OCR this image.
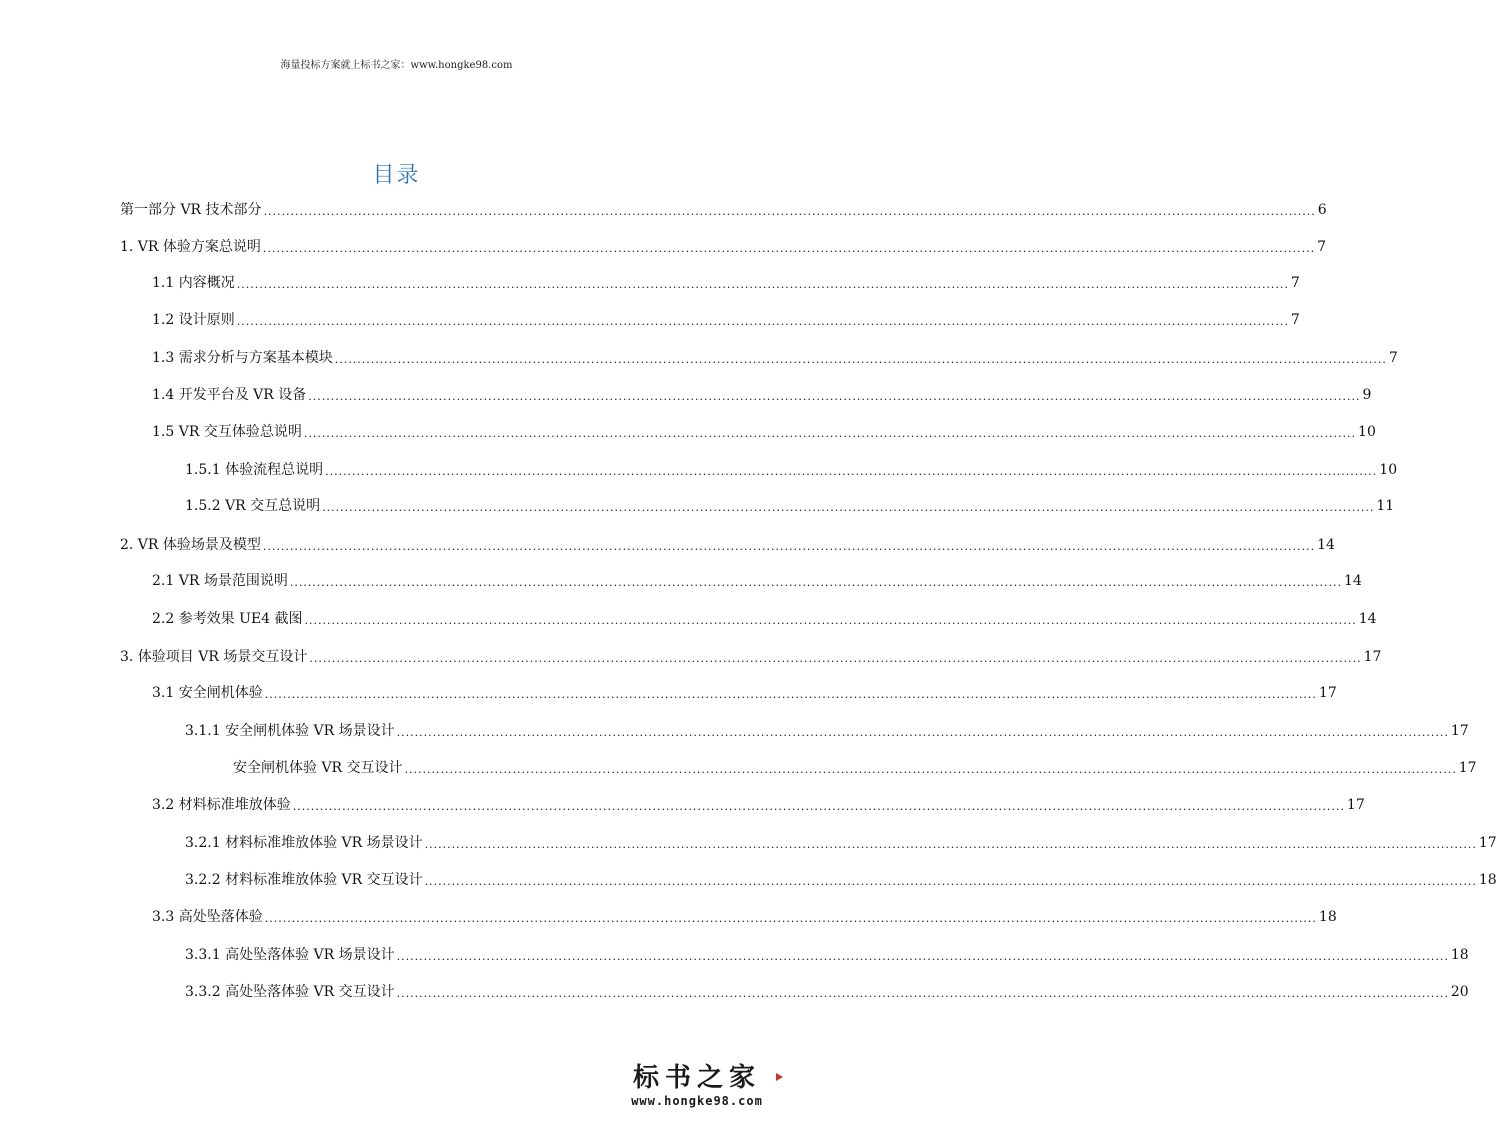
海量投标方案就上标书之家：www.hongke98.com
目录
第一部分 VR 技术部分 .......................................................................................................................................................................................................................................... 6
1. VR 体验方案总说明 .......................................................................................................................................................................................................................................... 7
1.1 内容概况 .......................................................................................................................................................................................................................................... 7
1.2 设计原则 .......................................................................................................................................................................................................................................... 7
1.3 需求分析与方案基本模块 .......................................................................................................................................................................................................................................... 7
1.4 开发平台及 VR 设备 .......................................................................................................................................................................................................................................... 9
1.5 VR 交互体验总说明 .......................................................................................................................................................................................................................................... 10
1.5.1 体验流程总说明 .......................................................................................................................................................................................................................................... 10
1.5.2 VR 交互总说明 .......................................................................................................................................................................................................................................... 11
2. VR 体验场景及模型 .......................................................................................................................................................................................................................................... 14
2.1 VR 场景范围说明 .......................................................................................................................................................................................................................................... 14
2.2 参考效果 UE4 截图 .......................................................................................................................................................................................................................................... 14
3. 体验项目 VR 场景交互设计 .......................................................................................................................................................................................................................................... 17
3.1 安全闸机体验 .......................................................................................................................................................................................................................................... 17
3.1.1 安全闸机体验 VR 场景设计 .......................................................................................................................................................................................................................................... 17
安全闸机体验 VR 交互设计 .......................................................................................................................................................................................................................................... 17
3.2 材料标准堆放体验 .......................................................................................................................................................................................................................................... 17
3.2.1 材料标准堆放体验 VR 场景设计 .......................................................................................................................................................................................................................................... 17
3.2.2 材料标准堆放体验 VR 交互设计 .......................................................................................................................................................................................................................................... 18
3.3 高处坠落体验 .......................................................................................................................................................................................................................................... 18
3.3.1 高处坠落体验 VR 场景设计 .......................................................................................................................................................................................................................................... 18
3.3.2 高处坠落体验 VR 交互设计 .......................................................................................................................................................................................................................................... 20
标书之家
www.hongke98.com
